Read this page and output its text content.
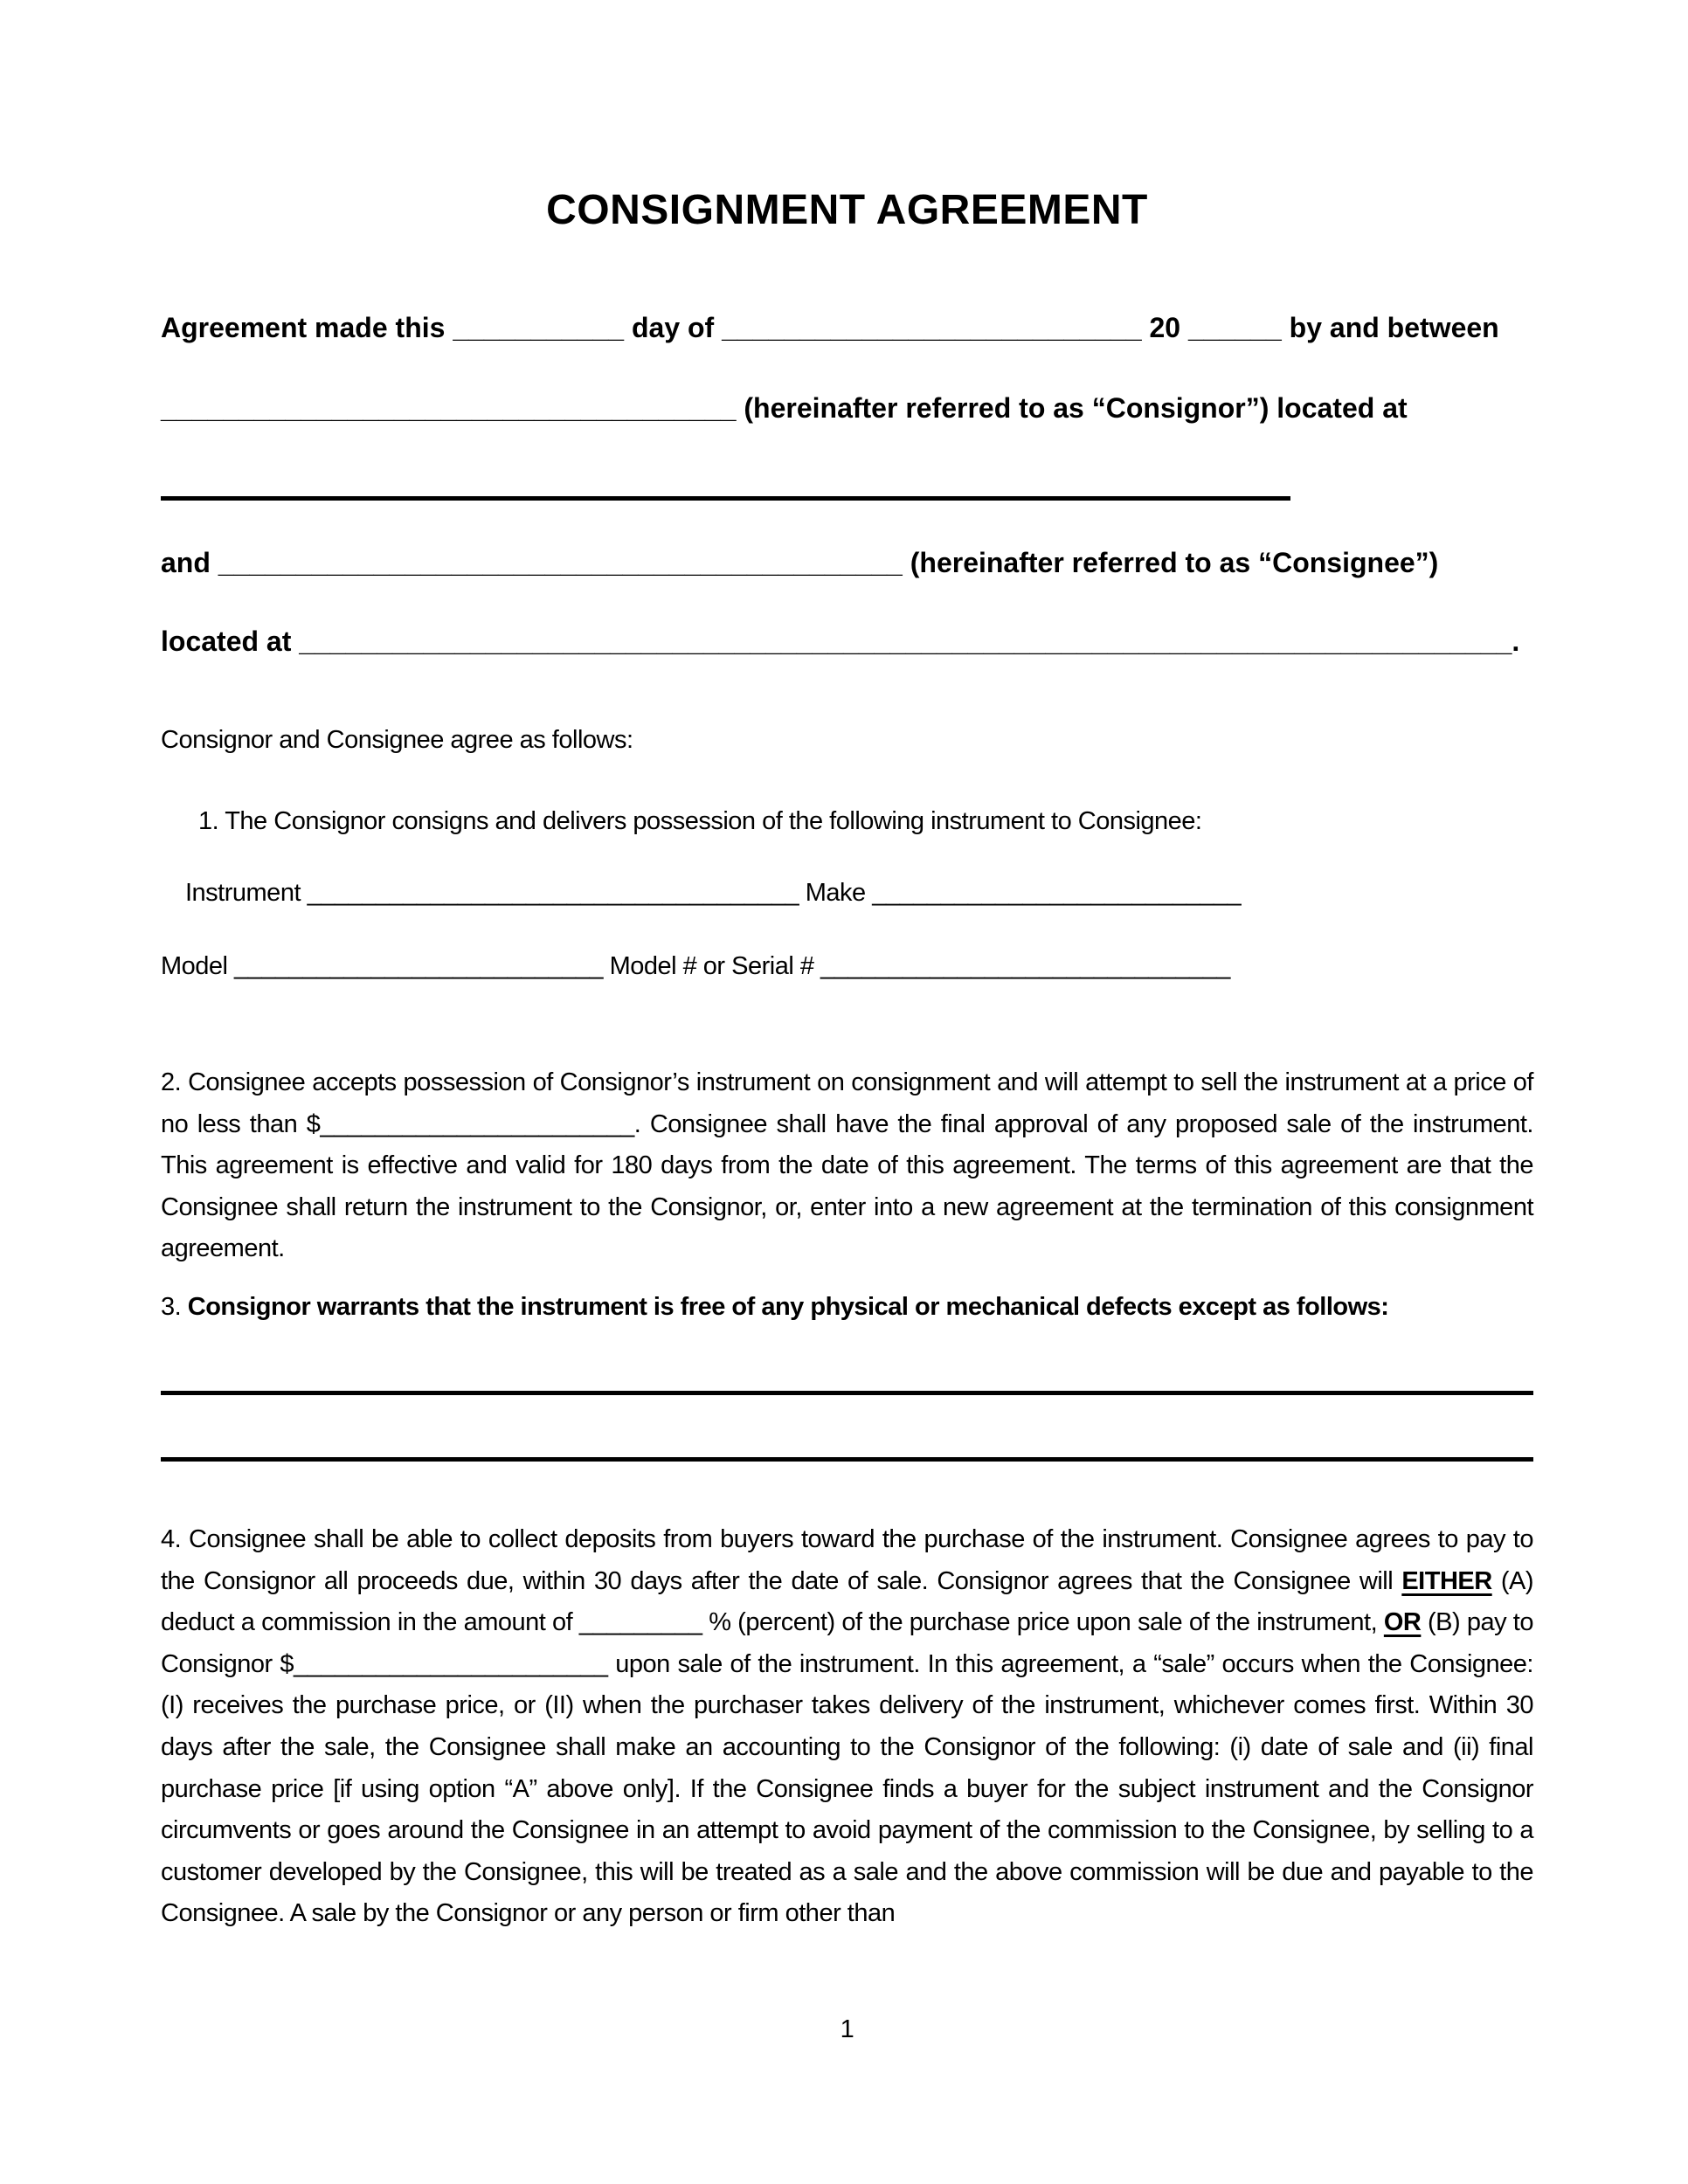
CONSIGNMENT AGREEMENT
Agreement made this ___________ day of ___________________________ 20 ______ by and between
_____________________________________ (hereinafter referred to as “Consignor”) located at
and ____________________________________________ (hereinafter referred to as “Consignee”)
located at ______________________________________________________________________________.
Consignor and Consignee agree as follows:
1. The Consignor consigns and delivers possession of the following instrument to Consignee:
Instrument ____________________________________ Make ___________________________
Model ___________________________ Model # or Serial # ______________________________
2. Consignee accepts possession of Consignor’s instrument on consignment and will attempt to sell the instrument at a price of no less than $_______________________. Consignee shall have the final approval of any proposed sale of the instrument. This agreement is effective and valid for 180 days from the date of this agreement. The terms of this agreement are that the Consignee shall return the instrument to the Consignor, or, enter into a new agreement at the termination of this consignment agreement.
3. Consignor warrants that the instrument is free of any physical or mechanical defects except as follows:
4. Consignee shall be able to collect deposits from buyers toward the purchase of the instrument. Consignee agrees to pay to the Consignor all proceeds due, within 30 days after the date of sale. Consignor agrees that the Consignee will EITHER (A) deduct a commission in the amount of _________ % (percent) of the purchase price upon sale of the instrument, OR (B) pay to Consignor $_______________________ upon sale of the instrument. In this agreement, a “sale” occurs when the Consignee: (I) receives the purchase price, or (II) when the purchaser takes delivery of the instrument, whichever comes first. Within 30 days after the sale, the Consignee shall make an accounting to the Consignor of the following: (i) date of sale and (ii) final purchase price [if using option “A” above only]. If the Consignee finds a buyer for the subject instrument and the Consignor circumvents or goes around the Consignee in an attempt to avoid payment of the commission to the Consignee, by selling to a customer developed by the Consignee, this will be treated as a sale and the above commission will be due and payable to the Consignee. A sale by the Consignor or any person or firm other than
1
